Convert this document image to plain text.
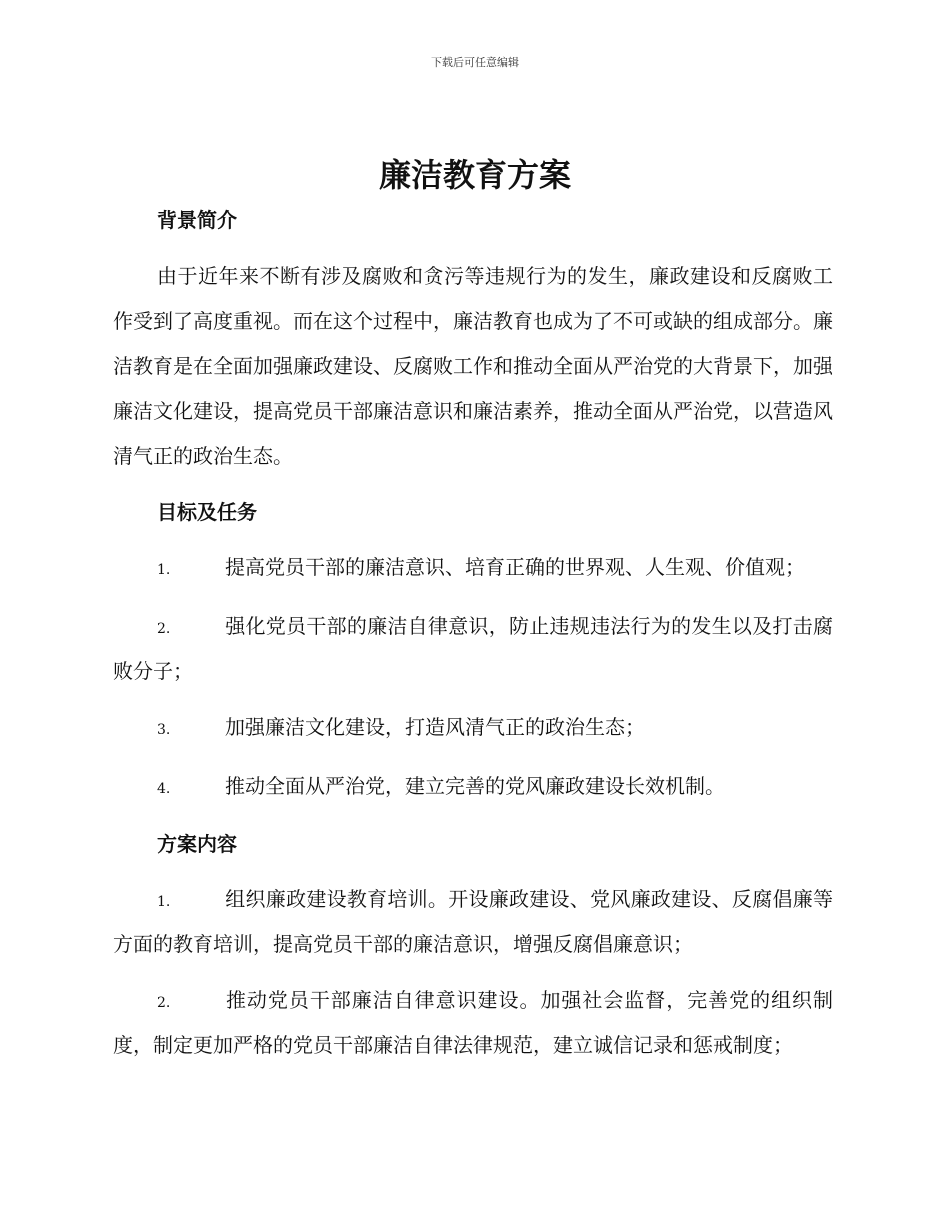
下载后可任意编辑
廉洁教育方案
背景简介

由于近年来不断有涉及腐败和贪污等违规行为的发生，廉政建设和反腐败工作受到了高度重视。而在这个过程中，廉洁教育也成为了不可或缺的组成部分。廉洁教育是在全面加强廉政建设、反腐败工作和推动全面从严治党的大背景下，加强廉洁文化建设，提高党员干部廉洁意识和廉洁素养，推动全面从严治党，以营造风清气正的政治生态。

目标及任务

1.	提高党员干部的廉洁意识、培育正确的世界观、人生观、价值观；

2.	强化党员干部的廉洁自律意识，防止违规违法行为的发生以及打击腐败分子；

3.	加强廉洁文化建设，打造风清气正的政治生态；

4.	推动全面从严治党，建立完善的党风廉政建设长效机制。

方案内容

1.	组织廉政建设教育培训。开设廉政建设、党风廉政建设、反腐倡廉等方面的教育培训，提高党员干部的廉洁意识，增强反腐倡廉意识；

2.	推动党员干部廉洁自律意识建设。加强社会监督，完善党的组织制度，制定更加严格的党员干部廉洁自律法律规范，建立诚信记录和惩戒制度；
